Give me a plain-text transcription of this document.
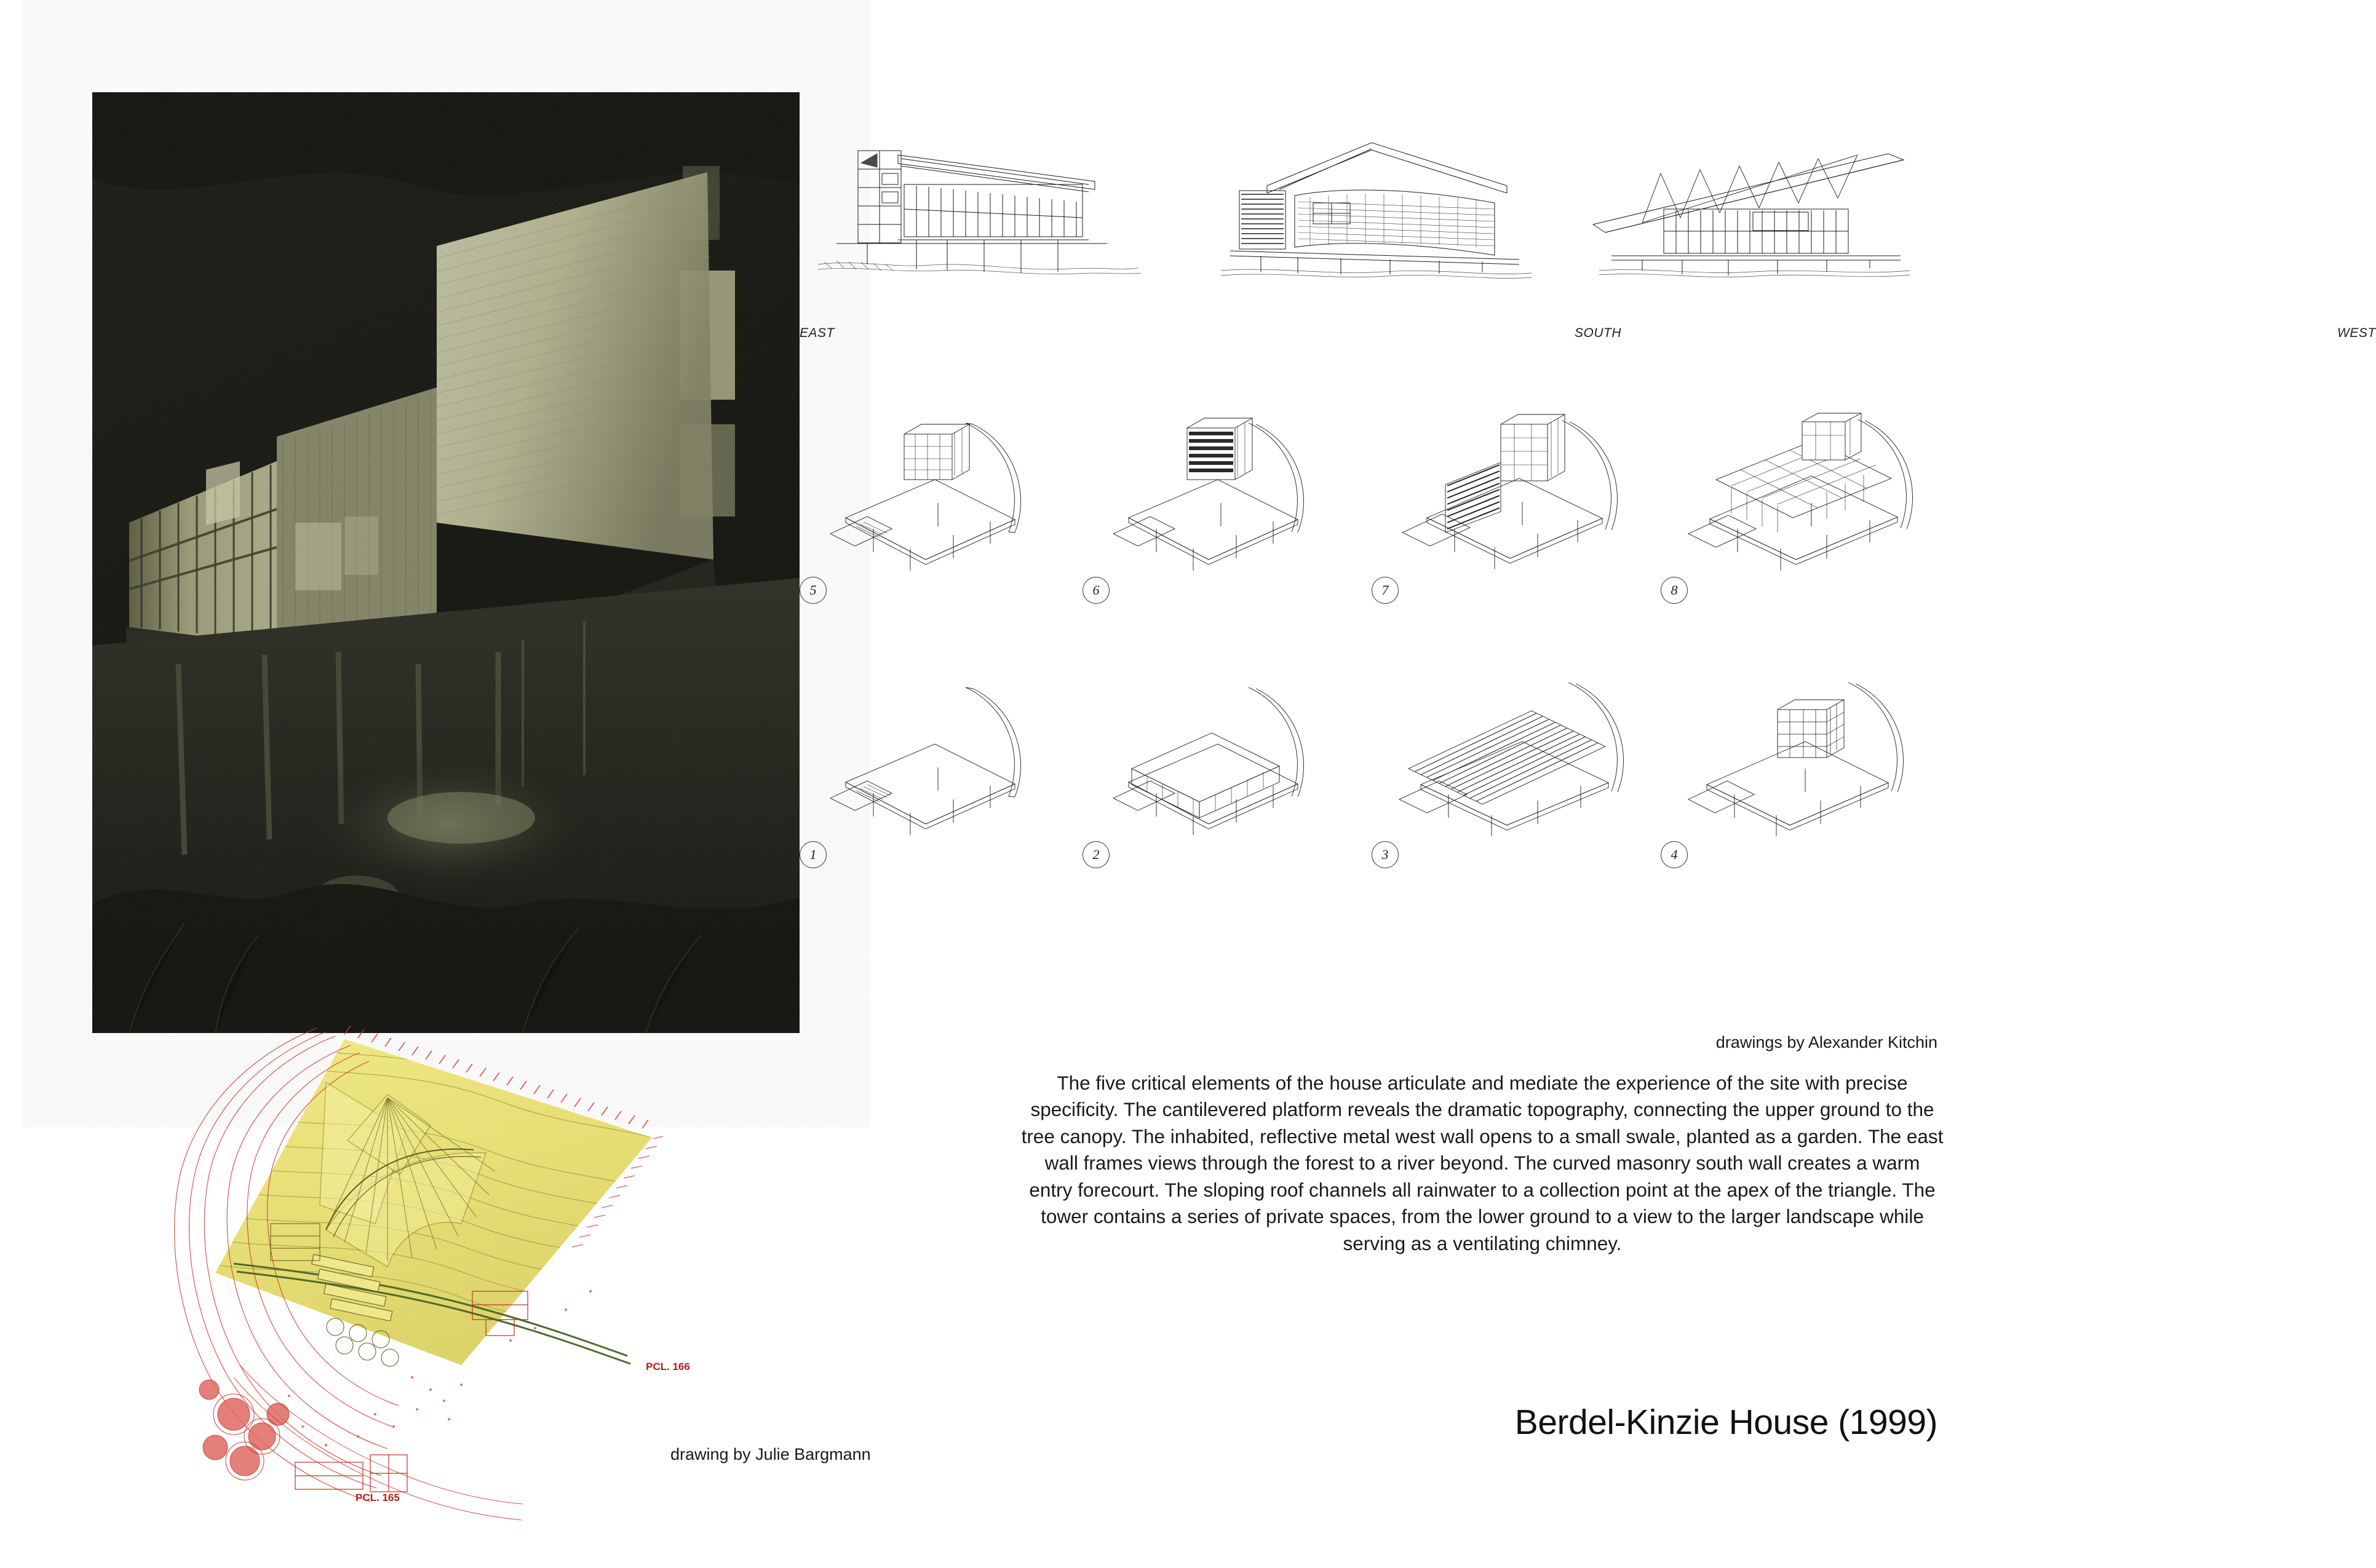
EAST	SOUTH	WEST
5	6	7	8
1	2	3	4
drawings by Alexander Kitchin
The five critical elements of the house articulate and mediate the experience of the site with precise specificity. The cantilevered platform reveals the dramatic topography, connecting the upper ground to the tree canopy. The inhabited, reflective metal west wall opens to a small swale, planted as a garden. The east wall frames views through the forest to a river beyond. The curved masonry south wall creates a warm entry forecourt. The sloping roof channels all rainwater to a collection point at the apex of the triangle. The tower contains a series of private spaces, from the lower ground to a view to the larger landscape while serving as a ventilating chimney.
Berdel-Kinzie House (1999)
PCL. 166
PCL. 165
drawing by Julie Bargmann
